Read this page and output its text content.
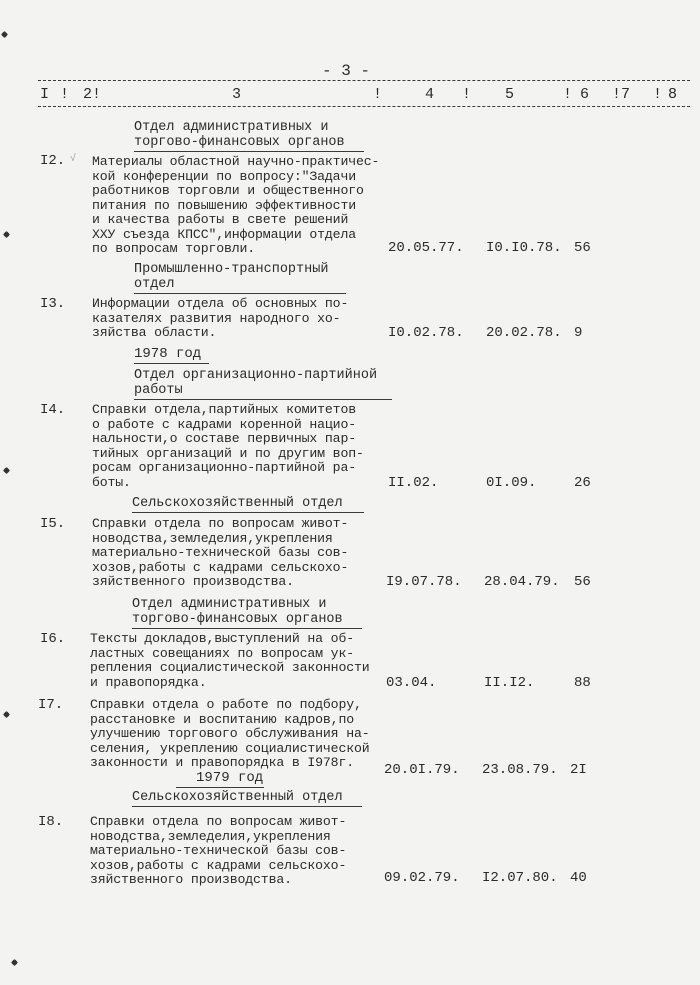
- 3 -
I ! 2!	3	!	4 ! 5	! 6 !7 ! 8
Отдел административных и
торгово-финансовых органов
I2. √ Материалы областной научно-практичес-
кой конференции по вопросу:"Задачи
работников торговли и общественного
питания по повышению эффективности
и качества работы в свете решений
ХХУ съезда КПСС",информации отдела
по вопросам торговли.	20.05.77. I0.I0.78. 56
Промышленно-транспортный
отдел
I3. Информации отдела об основных по-
казателях развития народного хо-
зяйства области.	I0.02.78. 20.02.78. 9
1978 год
Отдел организационно-партийной
работы
I4. Справки отдела,партийных комитетов
о работе с кадрами коренной нацио-
нальности,о составе первичных пар-
тийных организаций и по другим воп-
росам организационно-партийной ра-
боты.	II.02.	0I.09.	26
Сельскохозяйственный отдел
I5. Справки отдела по вопросам живот-
новодства,земледелия,укрепления
материально-технической базы сов-
хозов,работы с кадрами сельскохо-
зяйственного производства.	I9.07.78. 28.04.79. 56
Отдел административных и
торгово-финансовых органов
I6. Тексты докладов,выступлений на об-
ластных совещаниях по вопросам ук-
репления социалистической законности
и правопорядка.	03.04.	II.I2.	88
I7. Справки отдела о работе по подбору,
расстановке и воспитанию кадров,по
улучшению торгового обслуживания на-
селения, укреплению социалистической
законности и правопорядка в I978г. 20.0I.79. 23.08.79. 2I
1979 год
Сельскохозяйственный отдел
I8. Справки отдела по вопросам живот-
новодства,земледелия,укрепления
материально-технической базы сов-
хозов,работы с кадрами сельскохо-
зяйственного производства.	09.02.79. I2.07.80. 40
